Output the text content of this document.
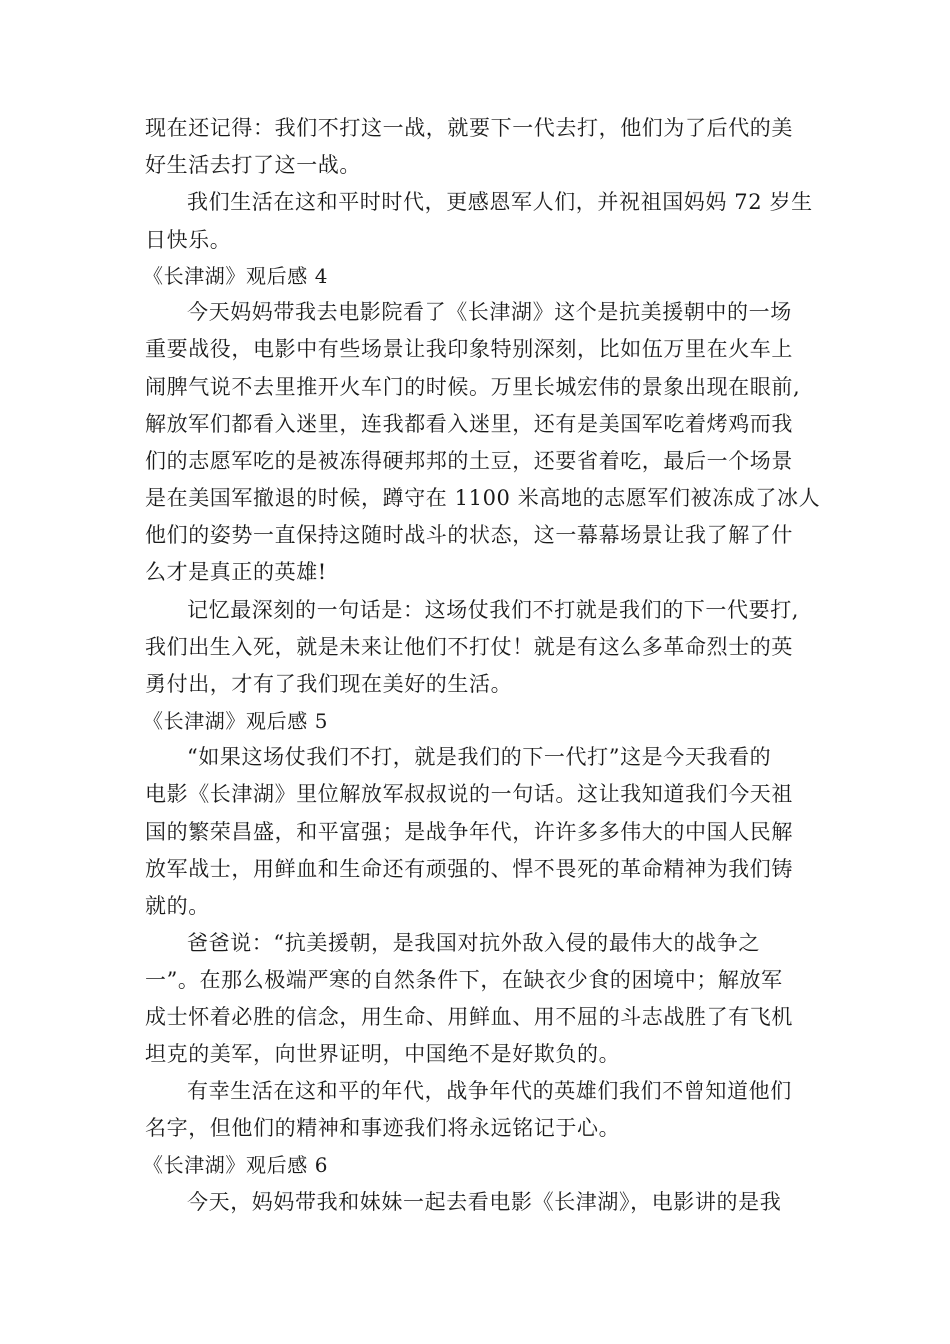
现在还记得：我们不打这一战，就要下一代去打，他们为了后代的美
好生活去打了这一战。
我们生活在这和平时时代，更感恩军人们，并祝祖国妈妈 72 岁生
日快乐。
《长津湖》观后感 4
今天妈妈带我去电影院看了《长津湖》这个是抗美援朝中的一场
重要战役，电影中有些场景让我印象特别深刻，比如伍万里在火车上
闹脾气说不去里推开火车门的时候。万里长城宏伟的景象出现在眼前,
解放军们都看入迷里，连我都看入迷里，还有是美国军吃着烤鸡而我
们的志愿军吃的是被冻得硬邦邦的土豆，还要省着吃，最后一个场景
是在美国军撤退的时候，蹲守在 1100 米高地的志愿军们被冻成了冰人
他们的姿势一直保持这随时战斗的状态，这一幕幕场景让我了解了什
么才是真正的英雄!
记忆最深刻的一句话是：这场仗我们不打就是我们的下一代要打,
我们出生入死，就是未来让他们不打仗！就是有这么多革命烈士的英
勇付出，才有了我们现在美好的生活。
《长津湖》观后感 5
“如果这场仗我们不打，就是我们的下一代打”这是今天我看的
电影《长津湖》里位解放军叔叔说的一句话。这让我知道我们今天祖
国的繁荣昌盛，和平富强；是战争年代，许许多多伟大的中国人民解
放军战士，用鲜血和生命还有顽强的、悍不畏死的革命精神为我们铸
就的。
爸爸说：“抗美援朝，是我国对抗外敌入侵的最伟大的战争之
一”。在那么极端严寒的自然条件下，在缺衣少食的困境中；解放军
成士怀着必胜的信念，用生命、用鲜血、用不屈的斗志战胜了有飞机
坦克的美军，向世界证明，中国绝不是好欺负的。
有幸生活在这和平的年代，战争年代的英雄们我们不曾知道他们
名字，但他们的精神和事迹我们将永远铭记于心。
《长津湖》观后感 6
今天，妈妈带我和妹妹一起去看电影《长津湖》，电影讲的是我
